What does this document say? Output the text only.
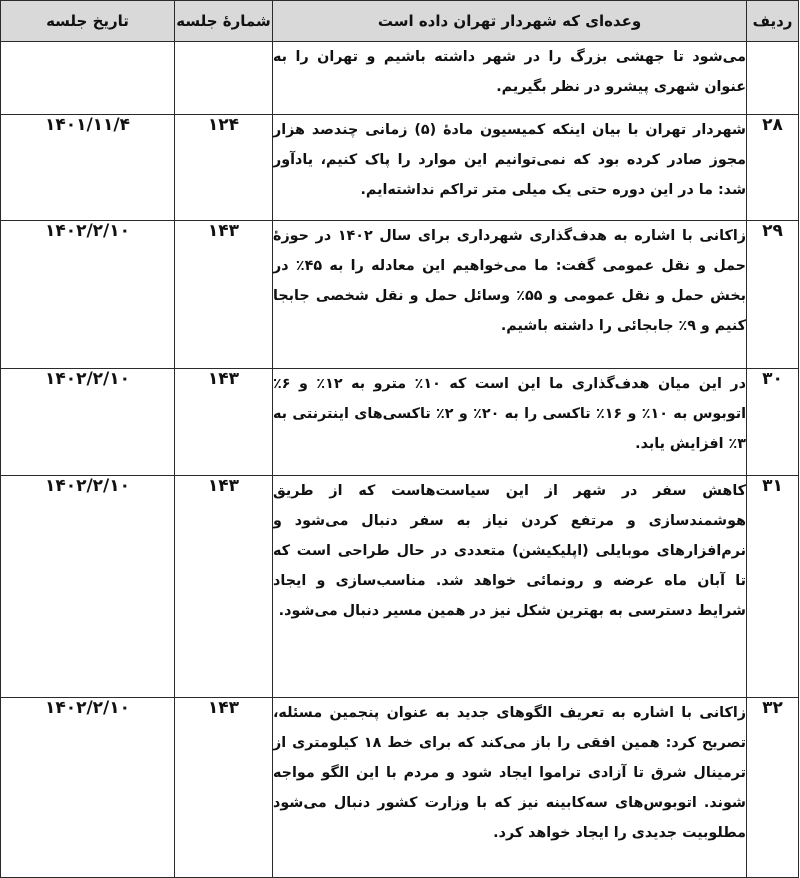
ردیف	وعده‌ای که شهردار تهران داده است	شمارهٔ جلسه	تاریخ جلسه
	می‌شود تا جهشی بزرگ را در شهر داشته باشیم و تهران را به عنوان شهری پیشرو در نظر بگیریم.		
۲۸	شهردار تهران با بیان اینکه کمیسیون مادهٔ (۵) زمانی چندصد هزار مجوز صادر کرده بود که نمی‌توانیم این موارد را پاک کنیم، یادآور شد: ما در این دوره حتی یک میلی متر تراکم نداشته‌ایم.	۱۲۴	۱۴۰۱/۱۱/۴
۲۹	زاکانی با اشاره به هدف‌گذاری شهرداری برای سال ۱۴۰۲ در حوزهٔ حمل و نقل عمومی گفت: ما می‌خواهیم این معادله را به ۴۵٪ در بخش حمل و نقل عمومی و ۵۵٪ وسائل حمل و نقل شخصی جابجا کنیم و ۹٪ جابجائی را داشته باشیم.	۱۴۳	۱۴۰۲/۲/۱۰
۳۰	در این میان هدف‌گذاری ما این است که ۱۰٪ مترو به ۱۲٪ و ۶٪ اتوبوس به ۱۰٪ و ۱۶٪ تاکسی را به ۲۰٪ و ۲٪ تاکسی‌های اینترنتی به ۳٪ افزایش یابد.	۱۴۳	۱۴۰۲/۲/۱۰
۳۱	کاهش سفر در شهر از این سیاست‌هاست که از طریق هوشمندسازی و مرتفع کردن نیاز به سفر دنبال می‌شود و نرم‌افزارهای موبایلی (اپلیکیشن) متعددی در حال طراحی است که تا آبان ماه عرضه و رونمائی خواهد شد. مناسب‌سازی و ایجاد شرایط دسترسی به بهترین شکل نیز در همین مسیر دنبال می‌شود.	۱۴۳	۱۴۰۲/۲/۱۰
۳۲	زاکانی با اشاره به تعریف الگوهای جدید به عنوان پنجمین مسئله، تصریح کرد: همین افقی را باز می‌کند که برای خط ۱۸ کیلومتری از ترمینال شرق تا آزادی تراموا ایجاد شود و مردم با این الگو مواجه شوند. اتوبوس‌های سه‌کابینه نیز که با وزارت کشور دنبال می‌شود مطلوبیت جدیدی را ایجاد خواهد کرد.	۱۴۳	۱۴۰۲/۲/۱۰
